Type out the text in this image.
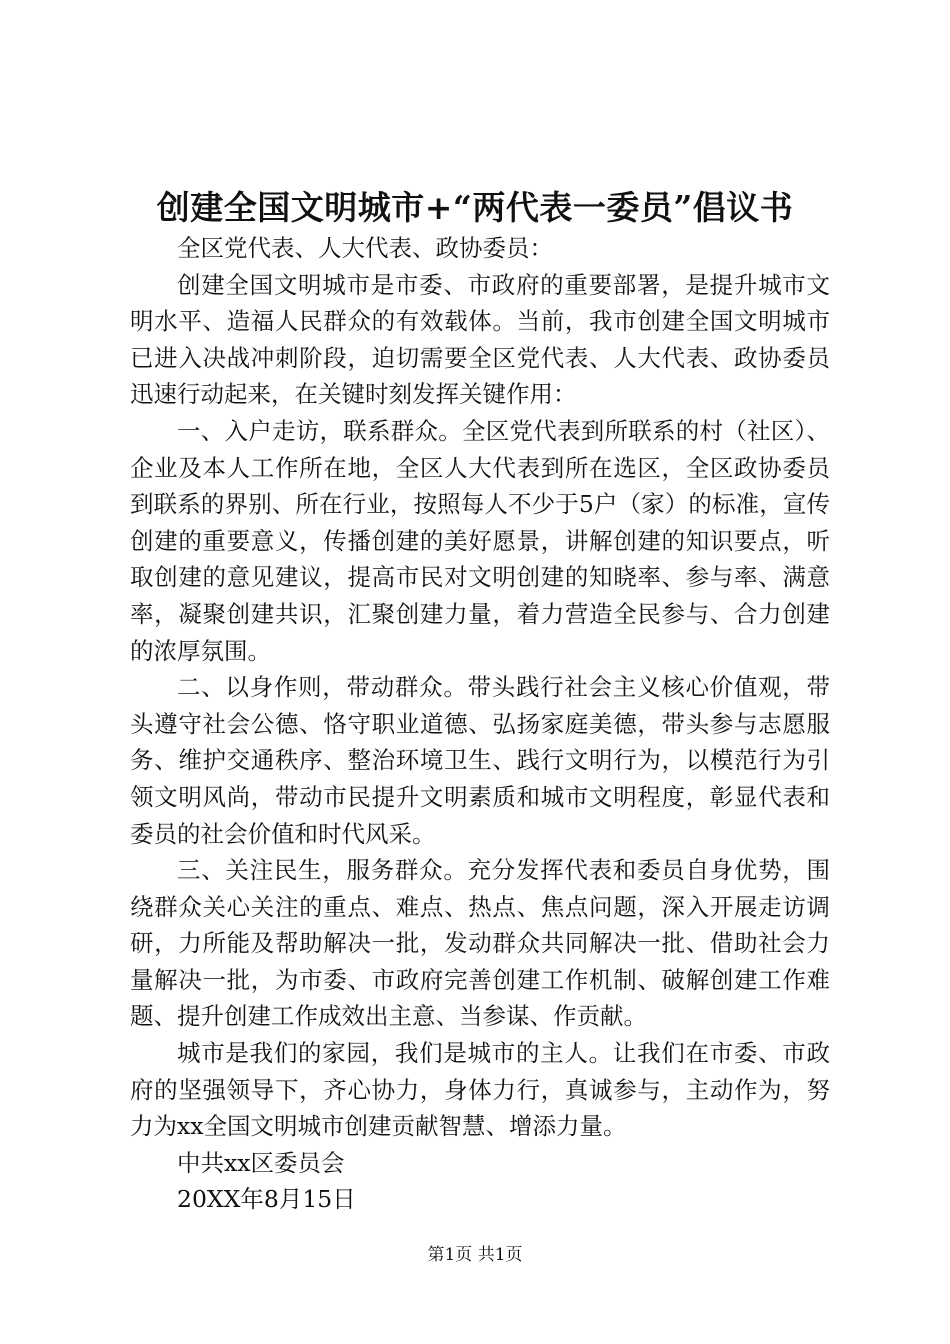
创建全国文明城市+“两代表一委员”倡议书

全区党代表、人大代表、政协委员：

创建全国文明城市是市委、市政府的重要部署，是提升城市文明水平、造福人民群众的有效载体。当前，我市创建全国文明城市已进入决战冲刺阶段，迫切需要全区党代表、人大代表、政协委员迅速行动起来，在关键时刻发挥关键作用：

一、入户走访，联系群众。全区党代表到所联系的村（社区）、企业及本人工作所在地，全区人大代表到所在选区，全区政协委员到联系的界别、所在行业，按照每人不少于5户（家）的标准，宣传创建的重要意义，传播创建的美好愿景，讲解创建的知识要点，听取创建的意见建议，提高市民对文明创建的知晓率、参与率、满意率，凝聚创建共识，汇聚创建力量，着力营造全民参与、合力创建的浓厚氛围。

二、以身作则，带动群众。带头践行社会主义核心价值观，带头遵守社会公德、恪守职业道德、弘扬家庭美德，带头参与志愿服务、维护交通秩序、整治环境卫生、践行文明行为，以模范行为引领文明风尚，带动市民提升文明素质和城市文明程度，彰显代表和委员的社会价值和时代风采。

三、关注民生，服务群众。充分发挥代表和委员自身优势，围绕群众关心关注的重点、难点、热点、焦点问题，深入开展走访调研，力所能及帮助解决一批，发动群众共同解决一批、借助社会力量解决一批，为市委、市政府完善创建工作机制、破解创建工作难题、提升创建工作成效出主意、当参谋、作贡献。

城市是我们的家园，我们是城市的主人。让我们在市委、市政府的坚强领导下，齐心协力，身体力行，真诚参与，主动作为，努力为xx全国文明城市创建贡献智慧、增添力量。

中共xx区委员会

20XX年8月15日

第1页 共1页
